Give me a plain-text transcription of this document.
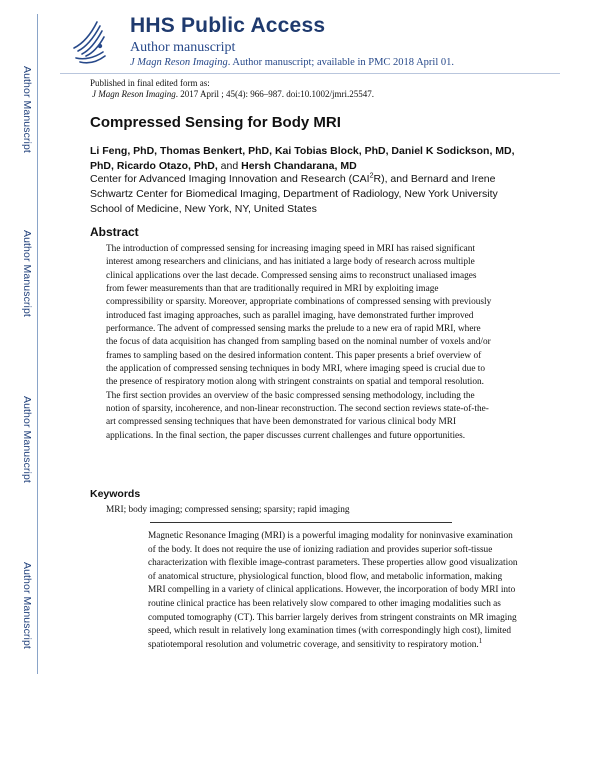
Author Manuscript
Author Manuscript
Author Manuscript
Author Manuscript
HHS Public Access
Author manuscript
J Magn Reson Imaging. Author manuscript; available in PMC 2018 April 01.
Published in final edited form as:
J Magn Reson Imaging. 2017 April ; 45(4): 966–987. doi:10.1002/jmri.25547.
Compressed Sensing for Body MRI
Li Feng, PhD, Thomas Benkert, PhD, Kai Tobias Block, PhD, Daniel K Sodickson, MD, PhD, Ricardo Otazo, PhD, and Hersh Chandarana, MD
Center for Advanced Imaging Innovation and Research (CAI$^2$R), and Bernard and Irene Schwartz Center for Biomedical Imaging, Department of Radiology, New York University School of Medicine, New York, NY, United States
Abstract
The introduction of compressed sensing for increasing imaging speed in MRI has raised significant interest among researchers and clinicians, and has initiated a large body of research across multiple clinical applications over the last decade. Compressed sensing aims to reconstruct unaliased images from fewer measurements than that are traditionally required in MRI by exploiting image compressibility or sparsity. Moreover, appropriate combinations of compressed sensing with previously introduced fast imaging approaches, such as parallel imaging, have demonstrated further improved performance. The advent of compressed sensing marks the prelude to a new era of rapid MRI, where the focus of data acquisition has changed from sampling based on the nominal number of voxels and/or frames to sampling based on the desired information content. This paper presents a brief overview of the application of compressed sensing techniques in body MRI, where imaging speed is crucial due to the presence of respiratory motion along with stringent constraints on spatial and temporal resolution. The first section provides an overview of the basic compressed sensing methodology, including the notion of sparsity, incoherence, and non-linear reconstruction. The second section reviews state-of-the-art compressed sensing techniques that have been demonstrated for various clinical body MRI applications. In the final section, the paper discusses current challenges and future opportunities.
Keywords
MRI; body imaging; compressed sensing; sparsity; rapid imaging
Magnetic Resonance Imaging (MRI) is a powerful imaging modality for noninvasive examination of the body. It does not require the use of ionizing radiation and provides superior soft-tissue characterization with flexible image-contrast parameters. These properties allow good visualization of anatomical structure, physiological function, blood flow, and metabolic information, making MRI compelling in a variety of clinical applications. However, the incorporation of body MRI into routine clinical practice has been relatively slow compared to other imaging modalities such as computed tomography (CT). This barrier largely derives from stringent constraints on MR imaging speed, which result in relatively long examination times (with correspondingly high cost), limited spatiotemporal resolution and volumetric coverage, and sensitivity to respiratory motion.$^1$
